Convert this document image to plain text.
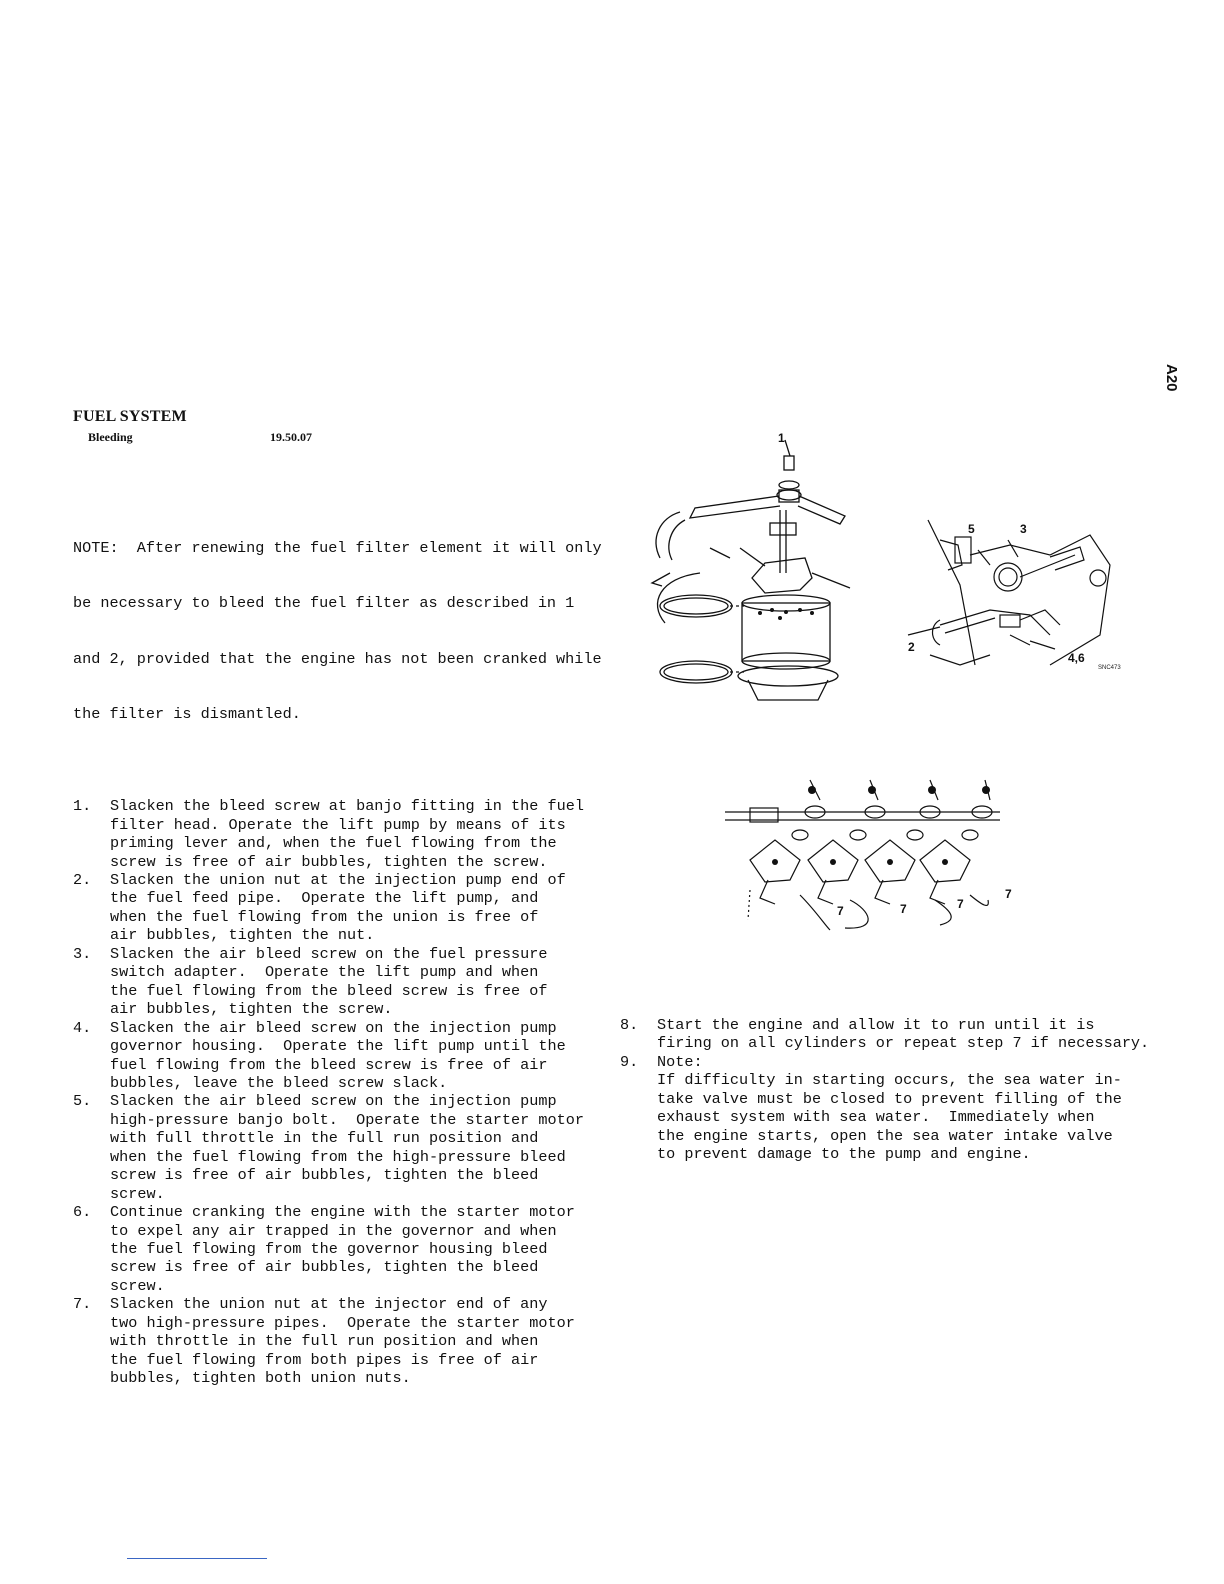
A20
FUEL SYSTEM
Bleeding	19.50.07

NOTE:  After renewing the fuel filter element it will only

be necessary to bleed the fuel filter as described in 1

and 2, provided that the engine has not been cranked while

the filter is dismantled.

1. Slacken the bleed screw at banjo fitting in the fuel
filter head. Operate the lift pump by means of its
priming lever and, when the fuel flowing from the
screw is free of air bubbles, tighten the screw.
2. Slacken the union nut at the injection pump end of
the fuel feed pipe.  Operate the lift pump, and
when the fuel flowing from the union is free of
air bubbles, tighten the nut.
3. Slacken the air bleed screw on the fuel pressure
switch adapter.  Operate the lift pump and when
the fuel flowing from the bleed screw is free of
air bubbles, tighten the screw.
4. Slacken the air bleed screw on the injection pump
governor housing.  Operate the lift pump until the
fuel flowing from the bleed screw is free of air
bubbles, leave the bleed screw slack.
5. Slacken the air bleed screw on the injection pump
high-pressure banjo bolt.  Operate the starter motor
with full throttle in the full run position and
when the fuel flowing from the high-pressure bleed
screw is free of air bubbles, tighten the bleed
screw.
6. Continue cranking the engine with the starter motor
to expel any air trapped in the governor and when
the fuel flowing from the governor housing bleed
screw is free of air bubbles, tighten the bleed
screw.
7. Slacken the union nut at the injector end of any
two high-pressure pipes.  Operate the starter motor
with throttle in the full run position and when
the fuel flowing from both pipes is free of air
bubbles, tighten both union nuts.

8. Start the engine and allow it to run until it is
firing on all cylinders or repeat step 7 if necessary.
9. Note:
If difficulty in starting occurs, the sea water in-
take valve must be closed to prevent filling of the
exhaust system with sea water.  Immediately when
the engine starts, open the sea water intake valve
to prevent damage to the pump and engine.

1
5	3
2
4,6
SNC473
7	7	7
7
